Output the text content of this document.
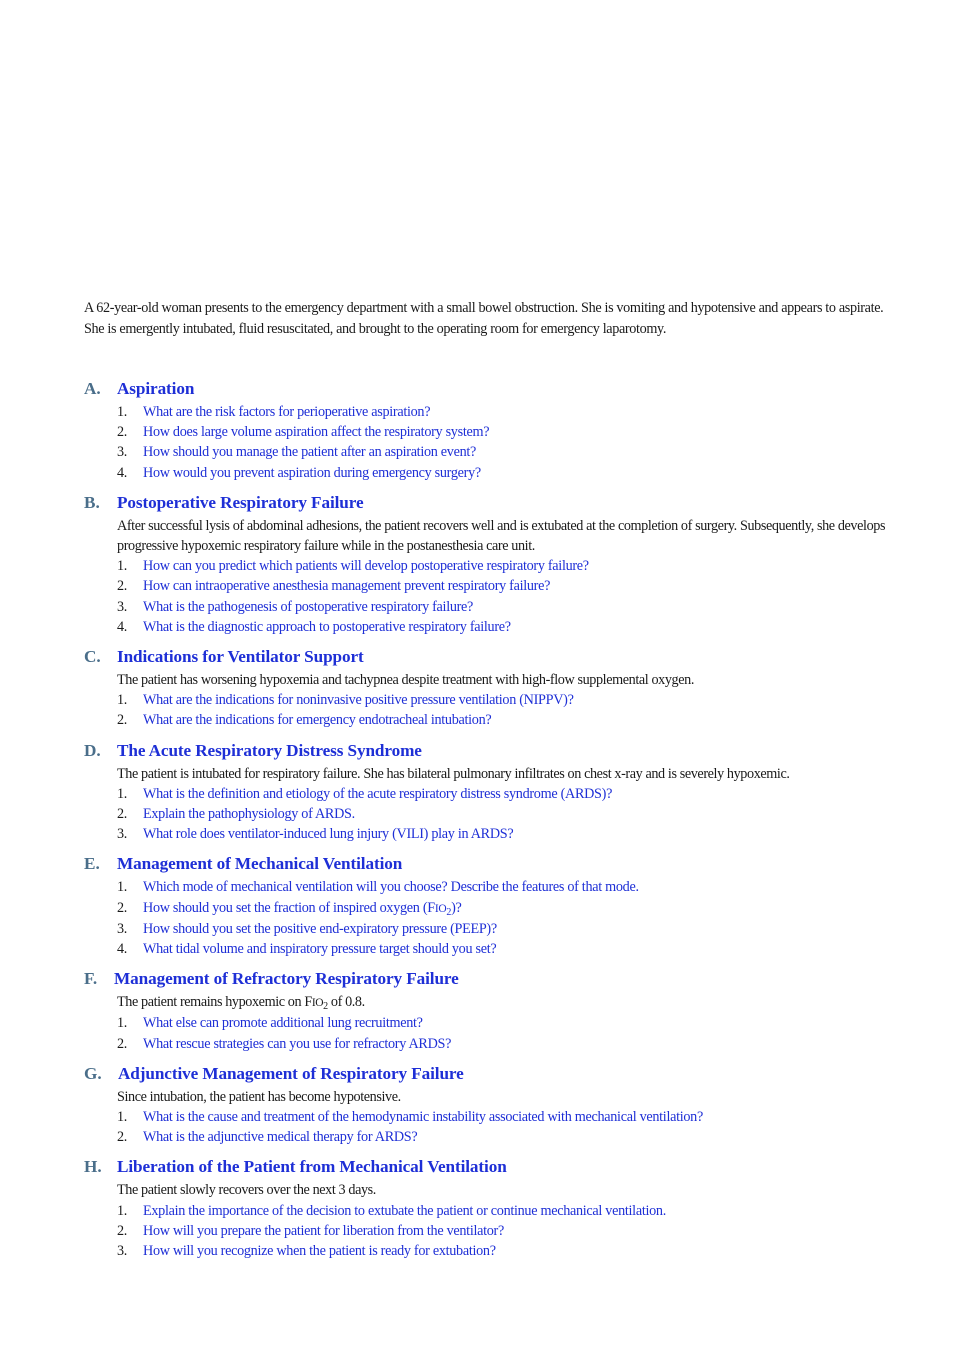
A 62-year-old woman presents to the emergency department with a small bowel obstruction. She is vomiting and hypotensive and appears to aspirate. She is emergently intubated, fluid resuscitated, and brought to the operating room for emergency laparotomy.

A. Aspiration
1.	What are the risk factors for perioperative aspiration?
2.	How does large volume aspiration affect the respiratory system?
3.	How should you manage the patient after an aspiration event?
4.	How would you prevent aspiration during emergency surgery?
B.	Postoperative Respiratory Failure
After successful lysis of abdominal adhesions, the patient recovers well and is extubated at the completion of surgery. Subsequently, she develops progressive hypoxemic respiratory failure while in the postanesthesia care unit.
1.	How can you predict which patients will develop postoperative respiratory failure?
2.	How can intraoperative anesthesia management prevent respiratory failure?
3.	What is the pathogenesis of postoperative respiratory failure?
4.	What is the diagnostic approach to postoperative respiratory failure?
C. Indications for Ventilator Support
The patient has worsening hypoxemia and tachypnea despite treatment with high-flow supplemental oxygen.
1.	What are the indications for noninvasive positive pressure ventilation (NIPPV)?
2.	What are the indications for emergency endotracheal intubation?
D. The Acute Respiratory Distress Syndrome
The patient is intubated for respiratory failure. She has bilateral pulmonary infiltrates on chest x-ray and is severely hypoxemic.
1.	What is the definition and etiology of the acute respiratory distress syndrome (ARDS)?
2.	Explain the pathophysiology of ARDS.
3.	What role does ventilator-induced lung injury (VILI) play in ARDS?
E.	Management of Mechanical Ventilation
1.	Which mode of mechanical ventilation will you choose? Describe the features of that mode.
2.	How should you set the fraction of inspired oxygen $(FIO_2)$?
3.	How should you set the positive end-expiratory pressure (PEEP)?
4.	What tidal volume and inspiratory pressure target should you set?
F. Management of Refractory Respiratory Failure
The patient remains hypoxemic on $FIO_2$ of 0.8.
1.	What else can promote additional lung recruitment?
2.	What rescue strategies can you use for refractory ARDS?
G. Adjunctive Management of Respiratory Failure
Since intubation, the patient has become hypotensive.
1.	What is the cause and treatment of the hemodynamic instability associated with mechanical ventilation?
2.	What is the adjunctive medical therapy for ARDS?
H. Liberation of the Patient from Mechanical Ventilation
The patient slowly recovers over the next 3 days.
1.	Explain the importance of the decision to extubate the patient or continue mechanical ventilation.
2.	How will you prepare the patient for liberation from the ventilator?
3.	How will you recognize when the patient is ready for extubation?
